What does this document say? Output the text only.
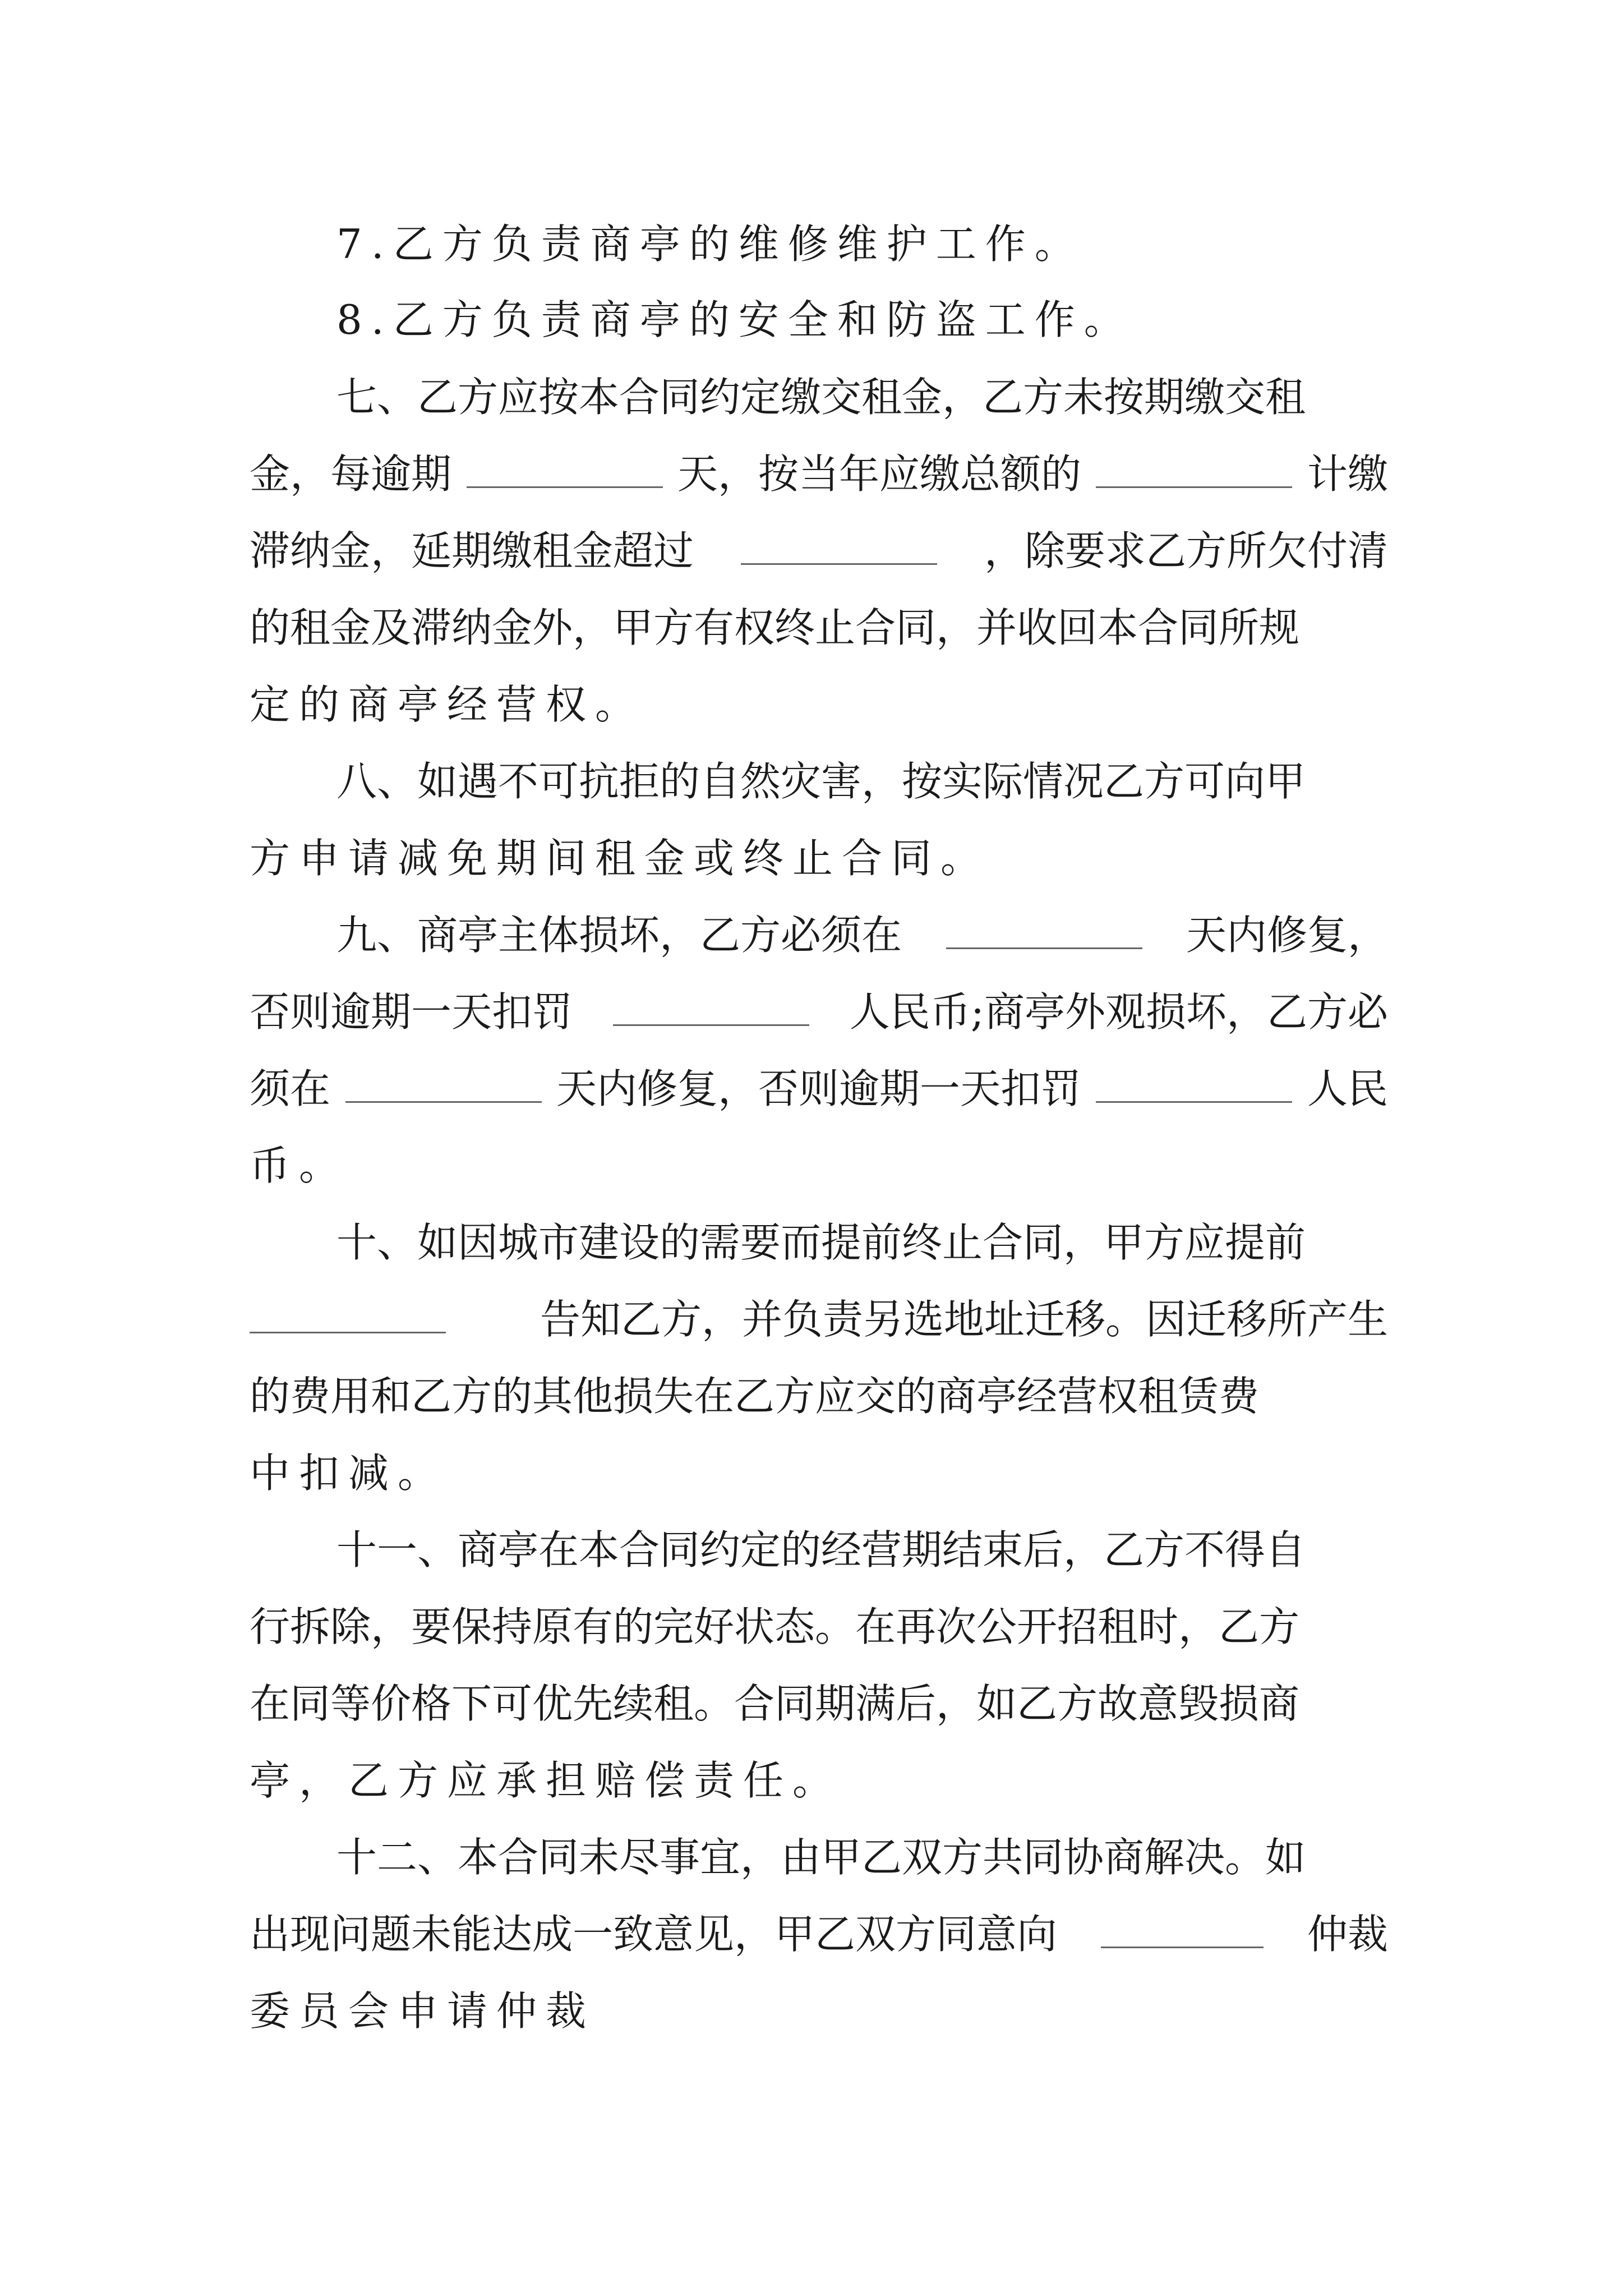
7.乙方负责商亭的维修维护工作。
8.乙方负责商亭的安全和防盗工作。
七、乙方应按本合同约定缴交租金，乙方未按期缴交租
金，每逾期	天，按当年应缴总额的	计缴
滞纳金，延期缴租金超过	，除要求乙方所欠付清
的租金及滞纳金外，甲方有权终止合同，并收回本合同所规
定的商亭经营权。
八、如遇不可抗拒的自然灾害，按实际情况乙方可向甲
方申请减免期间租金或终止合同。
九、商亭主体损坏，乙方必须在	天内修复，
否则逾期一天扣罚	人民币;商亭外观损坏，乙方必
须在	天内修复，否则逾期一天扣罚	人民
币。
十、如因城市建设的需要而提前终止合同，甲方应提前
告知乙方，并负责另选地址迁移。因迁移所产生
的费用和乙方的其他损失在乙方应交的商亭经营权租赁费
中扣减。
十一、商亭在本合同约定的经营期结束后，乙方不得自
行拆除，要保持原有的完好状态。在再次公开招租时，乙方
在同等价格下可优先续租。合同期满后，如乙方故意毁损商
亭，乙方应承担赔偿责任。
十二、本合同未尽事宜，由甲乙双方共同协商解决。如
出现问题未能达成一致意见，甲乙双方同意向	仲裁
委员会申请仲裁
